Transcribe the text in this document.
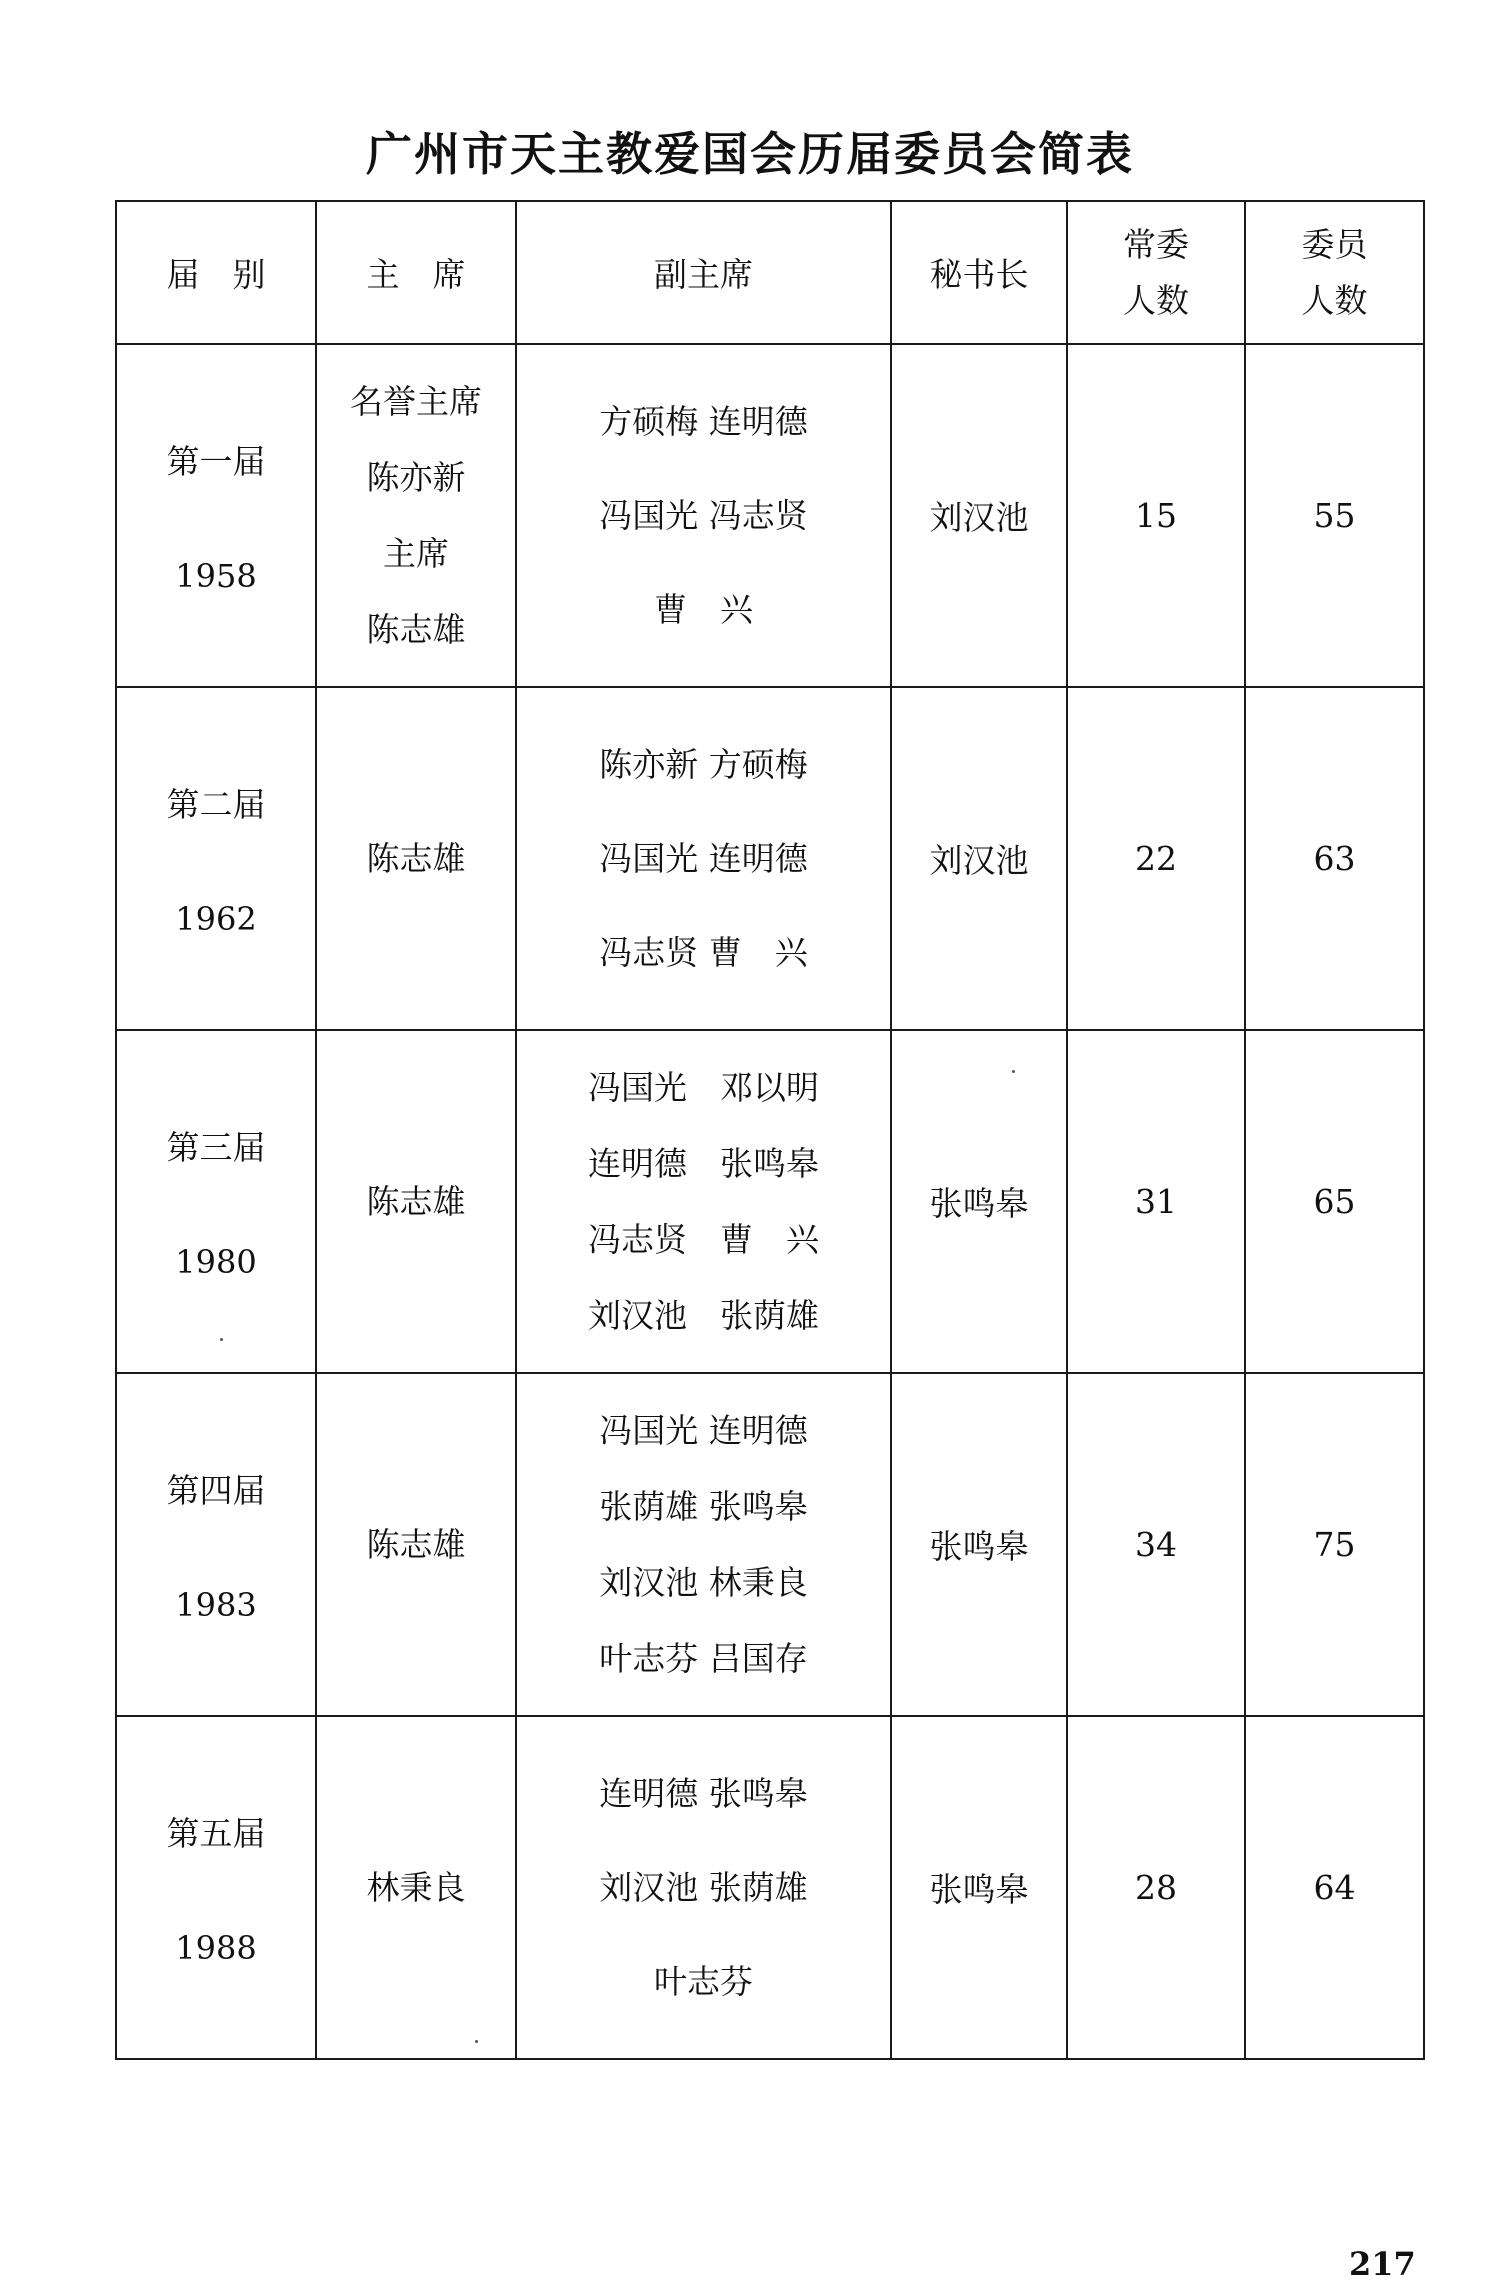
广州市天主教爱国会历届委员会简表
届　别	主　席	副主席	秘书长	常委
人数	委员
人数

第一届
1958	名誉主席
陈亦新
主席
陈志雄	方硕梅 连明德
冯国光 冯志贤
曹　兴	刘汉池	15	55

第二届
1962	陈志雄	陈亦新 方硕梅
冯国光 连明德
冯志贤 曹　兴	刘汉池	22	63

第三届
1980	陈志雄	冯国光　邓以明
连明德　张鸣皋
冯志贤　曹　兴
刘汉池　张荫雄	张鸣皋	31	65

第四届
1983	陈志雄	冯国光 连明德
张荫雄 张鸣皋
刘汉池 林秉良
叶志芬 吕国存	张鸣皋	34	75

第五届
1988	林秉良	连明德 张鸣皋
刘汉池 张荫雄
叶志芬	张鸣皋	28	64
217
